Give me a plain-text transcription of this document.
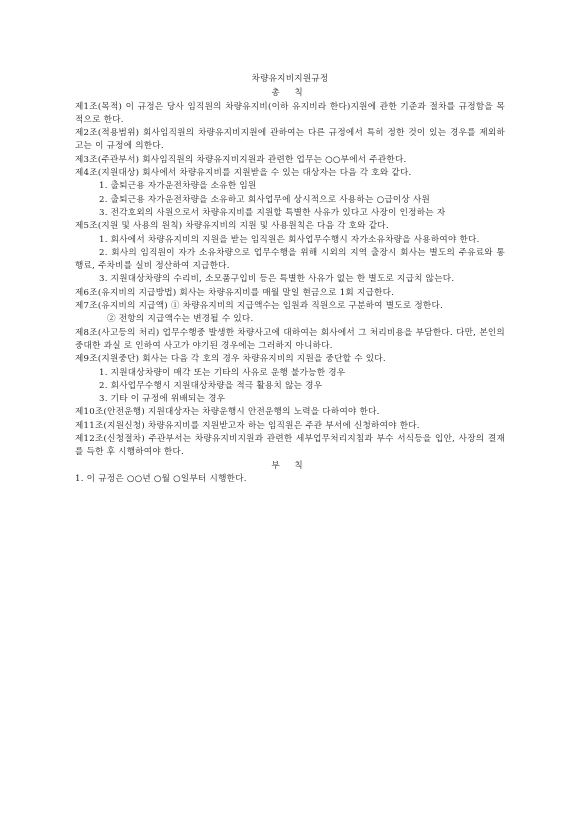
차량유지비지원규정
총 칙

제1조(목적) 이 규정은 당사 임직원의 차량유지비(이하 유지비라 한다)지원에 관한 기준과 절차를 규정함을 목적으로 한다.

제2조(적용범위) 회사임직원의 차량유지비지원에 관하여는 다른 규정에서 특히 정한 것이 있는 경우를 제외하고는 이 규정에 의한다.

제3조(주관부서) 회사임직원의 차량유지비지원과 관련한 업무는 ○○부에서 주관한다.

제4조(지원대상) 회사에서 차량유지비를 지원받을 수 있는 대상자는 다음 각 호와 같다.

1. 출퇴근용 자가운전차량을 소유한 임원

2. 출퇴근용 자가운전차량을 소유하고 회사업무에 상시적으로 사용하는 ○급이상 사원

3. 전각호외의 사원으로서 차량유지비를 지원할 특별한 사유가 있다고 사장이 인정하는 자

제5조(지원 및 사용의 원칙) 차량유지비의 지원 및 사용원칙은 다음 각 호와 같다.

1. 회사에서 차량유지비의 지원을 받는 임직원은 회사업무수행시 자가소유차량을 사용하여야 한다.

2. 회사의 임직원이 자가 소유차량으로 업무수행을 위해 시외의 지역 출장시 회사는 별도의 주유료와 통행료, 주차비를 실비 정산하여 지급한다.

3. 지원대상차량의 수리비, 소모품구입비 등은 특별한 사유가 없는 한 별도로 지급치 않는다.

제6조(유지비의 지급방법) 회사는 차량유지비를 매월 말일 현금으로 1회 지급한다.

제7조(유지비의 지급액) ① 차량유지비의 지급액수는 임원과 직원으로 구분하여 별도로 정한다.

② 전항의 지급액수는 변경될 수 있다.

제8조(사고등의 처리) 업무수행중 발생한 차량사고에 대하여는 회사에서 그 처리비용을 부담한다. 다만, 본인의 중대한 과실 로 인하여 사고가 야기된 경우에는 그러하지 아니하다.

제9조(지원중단) 회사는 다음 각 호의 경우 차량유지비의 지원을 중단할 수 있다.

1. 지원대상차량이 매각 또는 기타의 사유로 운행 불가능한 경우

2. 회사업무수행시 지원대상차량을 적극 활용치 않는 경우

3. 기타 이 규정에 위배되는 경우

제10조(안전운행) 지원대상자는 차량운행시 안전운행의 노력을 다하여야 한다.

제11조(지원신청) 차량유지비를 지원받고자 하는 임직원은 주관 부서에 신청하여야 한다.

제12조(신청절차) 주관부서는 차량유지비지원과 관련한 세부업무처리지침과 부수 서식등을 입안, 사장의 결재를 득한 후 시행하여야 한다.

부 칙

1. 이 규정은 ○○년 ○월 ○일부터 시행한다.
